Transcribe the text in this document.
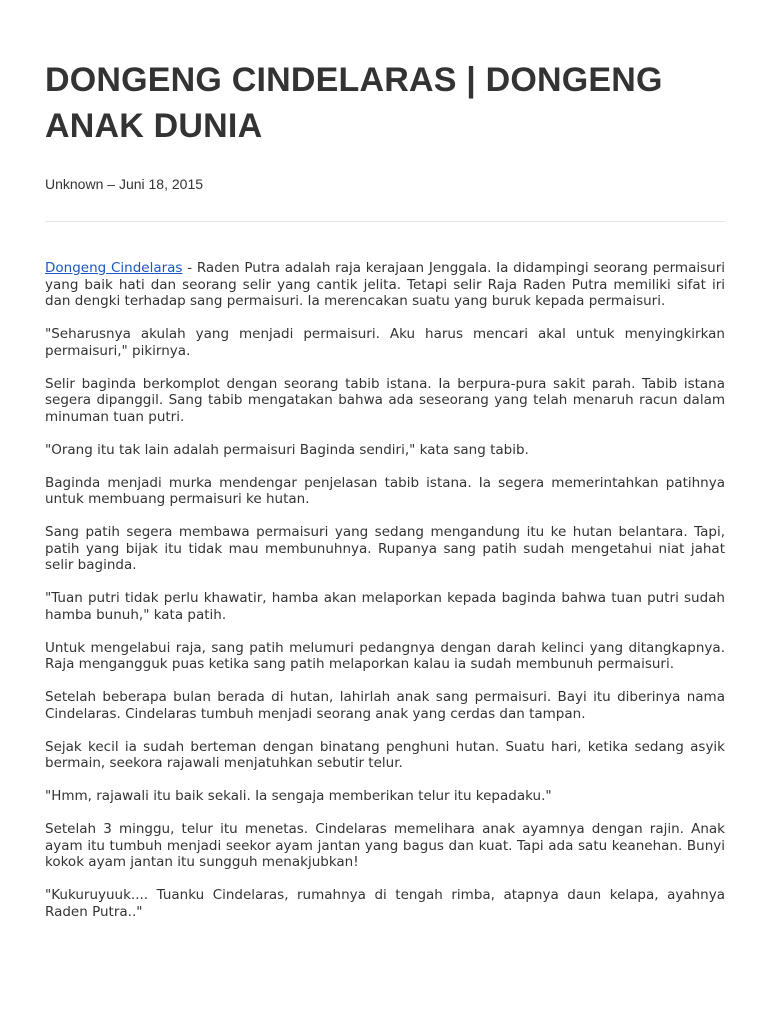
DONGENG CINDELARAS | DONGENG ANAK DUNIA
Unknown – Juni 18, 2015

Dongeng Cindelaras - Raden Putra adalah raja kerajaan Jenggala. Ia didampingi seorang permaisuri yang baik hati dan seorang selir yang cantik jelita. Tetapi selir Raja Raden Putra memiliki sifat iri dan dengki terhadap sang permaisuri. Ia merencakan suatu yang buruk kepada permaisuri.

"Seharusnya akulah yang menjadi permaisuri. Aku harus mencari akal untuk menyingkirkan permaisuri," pikirnya.

Selir baginda berkomplot dengan seorang tabib istana. Ia berpura-pura sakit parah. Tabib istana segera dipanggil. Sang tabib mengatakan bahwa ada seseorang yang telah menaruh racun dalam minuman tuan putri.

"Orang itu tak lain adalah permaisuri Baginda sendiri," kata sang tabib.

Baginda menjadi murka mendengar penjelasan tabib istana. Ia segera memerintahkan patihnya untuk membuang permaisuri ke hutan.

Sang patih segera membawa permaisuri yang sedang mengandung itu ke hutan belantara. Tapi, patih yang bijak itu tidak mau membunuhnya. Rupanya sang patih sudah mengetahui niat jahat selir baginda.

"Tuan putri tidak perlu khawatir, hamba akan melaporkan kepada baginda bahwa tuan putri sudah hamba bunuh," kata patih.

Untuk mengelabui raja, sang patih melumuri pedangnya dengan darah kelinci yang ditangkapnya. Raja mengangguk puas ketika sang patih melaporkan kalau ia sudah membunuh permaisuri.

Setelah beberapa bulan berada di hutan, lahirlah anak sang permaisuri. Bayi itu diberinya nama Cindelaras. Cindelaras tumbuh menjadi seorang anak yang cerdas dan tampan.

Sejak kecil ia sudah berteman dengan binatang penghuni hutan. Suatu hari, ketika sedang asyik bermain, seekora rajawali menjatuhkan sebutir telur.

"Hmm, rajawali itu baik sekali. Ia sengaja memberikan telur itu kepadaku."

Setelah 3 minggu, telur itu menetas. Cindelaras memelihara anak ayamnya dengan rajin. Anak ayam itu tumbuh menjadi seekor ayam jantan yang bagus dan kuat. Tapi ada satu keanehan. Bunyi kokok ayam jantan itu sungguh menakjubkan!

"Kukuruyuuk.... Tuanku Cindelaras, rumahnya di tengah rimba, atapnya daun kelapa, ayahnya Raden Putra.."
